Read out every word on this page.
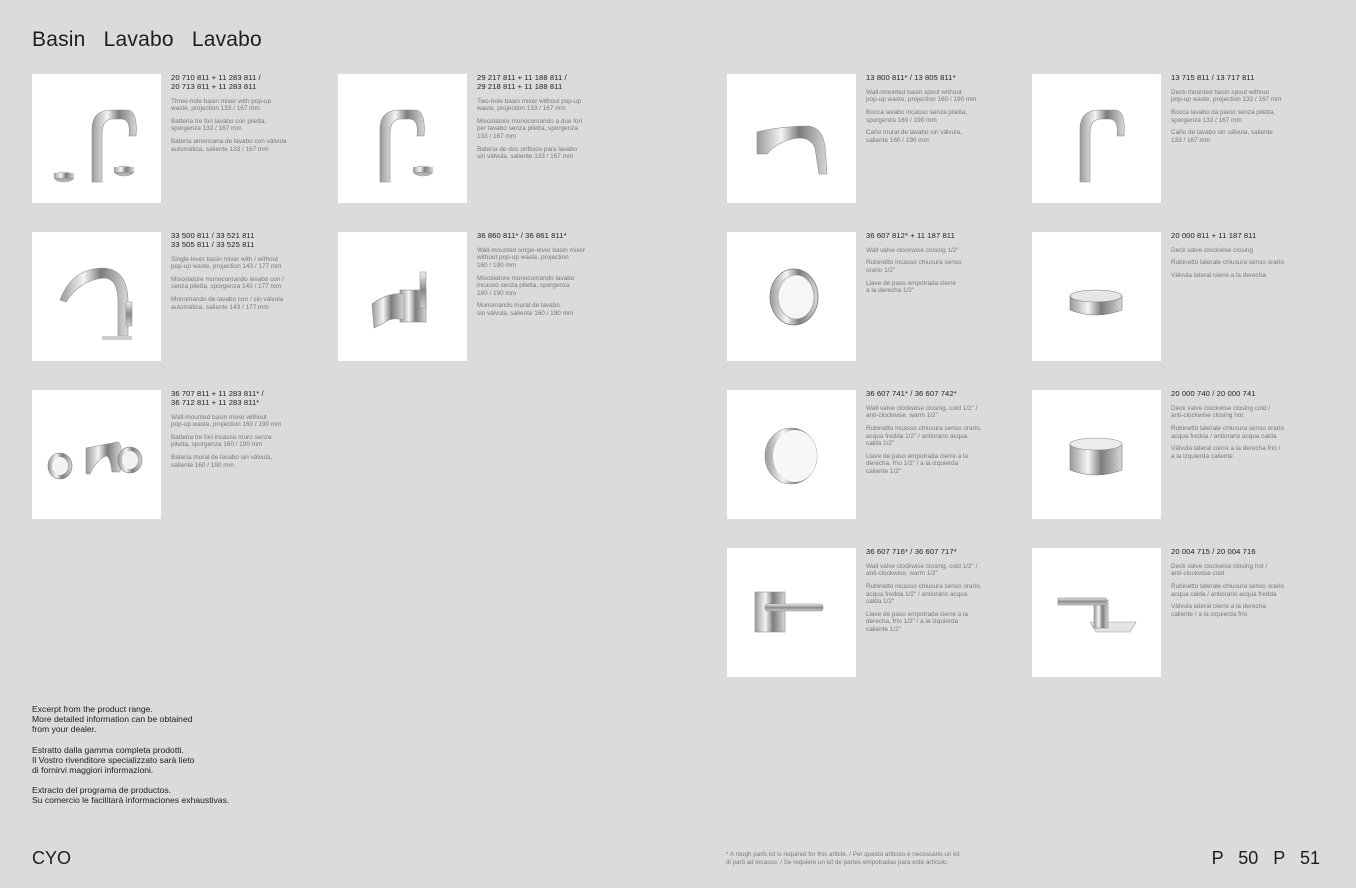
Basin   Lavabo   Lavabo
20 710 811 + 11 283 811 /
20 713 811 + 11 283 811
Three-hole basin mixer with pop-up
waste, projection 133 / 167 mm
Batteria tre fori lavabo con piletta,
sporgenza 133 / 167 mm
Batería americana de lavabo con válvula
automática, saliente 133 / 167 mm
29 217 811 + 11 188 811 /
29 218 811 + 11 188 811
Two-hole basin mixer without pop-up
waste, projection 133 / 167 mm
Miscelatore monocomando a due fori
per lavabo senza piletta, sporgenza
133 / 167 mm
Batería de dos orificios para lavabo
sin válvula, saliente 133 / 167 mm
13 800 811* / 13 805 811*
Wall-mounted basin spout without
pop-up waste, projection 160 / 190 mm
Bocca lavabo incasso senza piletta,
sporgenza 160 / 190 mm
Caño mural de lavabo sin válvula,
saliente 160 / 190 mm
13 715 811 / 13 717 811
Deck-mounted basin spout without
pop-up waste, projection 133 / 167 mm
Bocca lavabo da piano senza piletta,
sporgenza 133 / 167 mm
Caño de lavabo sin válvula, saliente
133 / 167 mm
33 500 811 / 33 521 811
33 505 811 / 33 525 811
Single-lever basin mixer with / without
pop-up waste, projection 143 / 177 mm
Miscelatore monocomando lavabo con /
senza piletta, sporgenza 143 / 177 mm
Monomando de lavabo con / sin válvula
automática, saliente 143 / 177 mm
36 860 811* / 36 861 811*
Wall-mounted single-lever basin mixer
without pop-up waste, projection
160 / 190 mm
Miscelatore monocomando lavabo
incasso senza piletta, sporgenza
160 / 190 mm
Monomando mural de lavabo
sin válvula, saliente 160 / 190 mm
36 607 812* + 11 187 811
Wall valve clockwise closing 1/2"
Rubinetto incasso chiusura senso
orario 1/2"
Llave de paso empotrada cierre
a la derecha 1/2"
20 000 811 + 11 187 811
Deck valve clockwise closing
Rubinetto laterale chiusura senso orario
Válvula lateral cierre a la derecha
36 707 811 + 11 283 811* /
36 712 811 + 11 283 811*
Wall-mounted basin mixer without
pop-up waste, projection 160 / 190 mm
Batteria tre fori incasso muro senza
piletta, sporgenza 160 / 190 mm
Batería mural de lavabo sin válvula,
saliente 160 / 190 mm
36 607 741* / 36 607 742*
Wall valve clockwise closing, cold 1/2" /
anti-clockwise, warm 1/2"
Rubinetto incasso chiusura senso orario,
acqua fredda 1/2" / antiorario acqua
calda 1/2"
Llave de paso empotrada cierre a la
derecha, frío 1/2" / a la izquierda
caliente 1/2"
20 000 740 / 20 000 741
Deck valve clockwise closing cold /
anti-clockwise closing hot
Rubinetto laterale chiusura senso orario
acqua fredda / antiorario acqua calda
Válvula lateral cierre a la derecha frío /
a la izquierda caliente
36 607 716* / 36 607 717*
Wall valve clockwise closing, cold 1/2" /
anti-clockwise, warm 1/2"
Rubinetto incasso chiusura senso orario,
acqua fredda 1/2" / antiorario acqua
calda 1/2"
Llave de paso empotrada cierre a la
derecha, frío 1/2" / a la izquierda
caliente 1/2"
20 004 715 / 20 004 716
Deck valve clockwise closing hot /
anti-clockwise cold
Rubinetto laterale chiusura senso orario
acqua calda / antiorario acqua fredda
Válvula lateral cierre a la derecha
caliente / a la izquierda frío

Excerpt from the product range.
More detailed information can be obtained
from your dealer.

Estratto dalla gamma completa prodotti.
Il Vostro rivenditore specializzato sarà lieto
di fornirvi maggiori informazioni.

Extracto del programa de productos.
Su comercio le facilitará informaciones exhaustivas.

CYO	* A rough parts kit is required for this article. / Per questo articolo è necessario un kit
di parti ad incasso. / Se requiere un kit de partes empotradas para este artículo.	P 50 P 51
